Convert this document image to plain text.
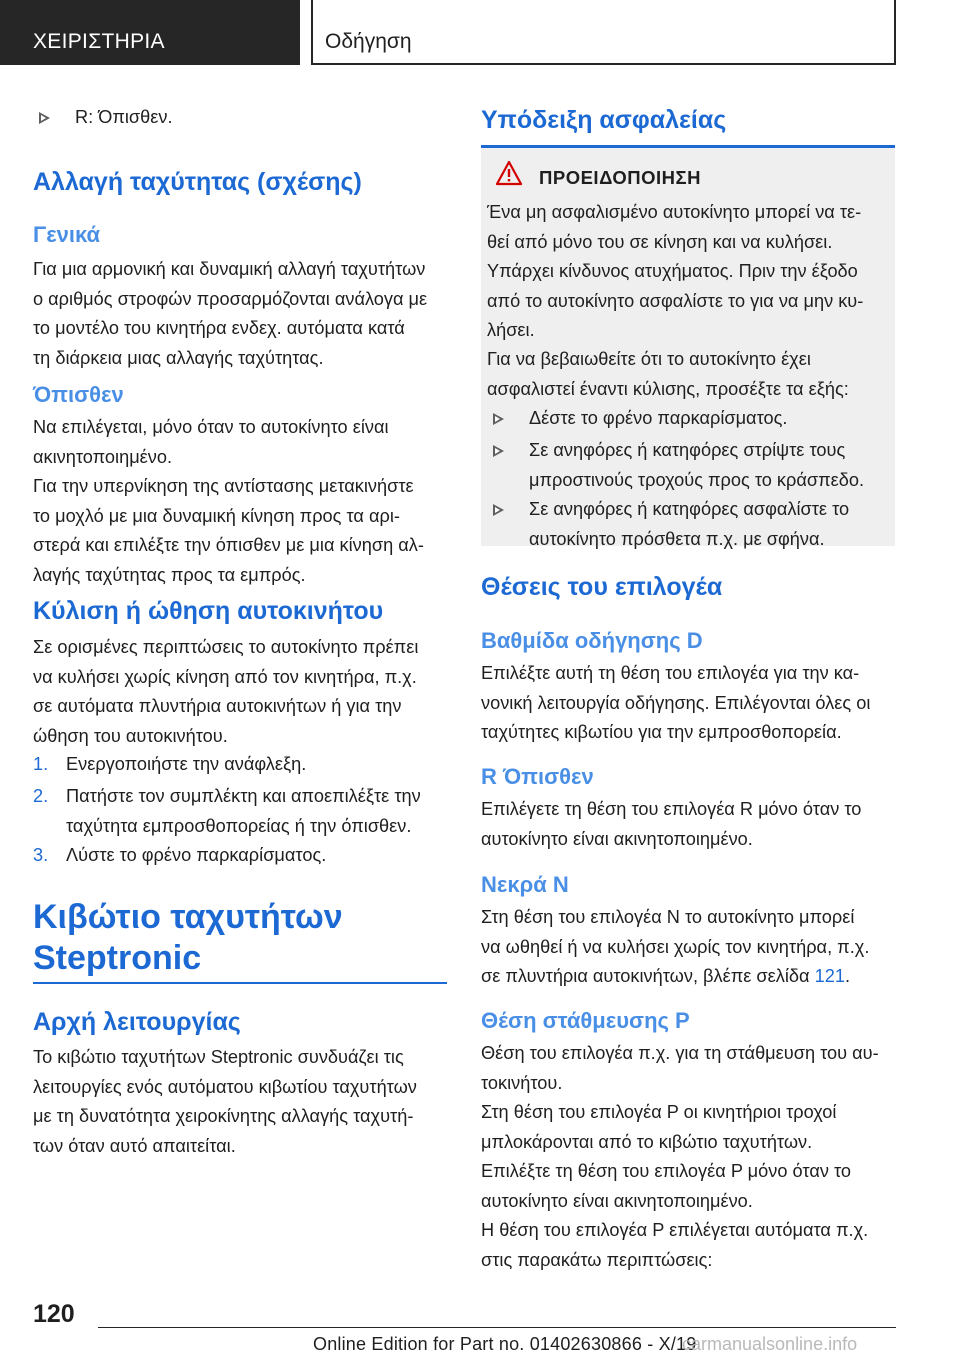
ΧΕΙΡΙΣΤΗΡΙΑ	Οδήγηση
R: Όπισθεν.
Αλλαγή ταχύτητας (σχέσης)
Γενικά

Για μια αρμονική και δυναμική αλλαγή ταχυτήτων
ο αριθμός στροφών προσαρμόζονται ανάλογα με
το μοντέλο του κινητήρα ενδεχ. αυτόματα κατά
τη διάρκεια μιας αλλαγής ταχύτητας.

Όπισθεν

Να επιλέγεται, μόνο όταν το αυτοκίνητο είναι
ακινητοποιημένο.

Για την υπερνίκηση της αντίστασης μετακινήστε
το μοχλό με μια δυναμική κίνηση προς τα αρι-
στερά και επιλέξτε την όπισθεν με μια κίνηση αλ-
λαγής ταχύτητας προς τα εμπρός.

Κύλιση ή ώθηση αυτοκινήτου

Σε ορισμένες περιπτώσεις το αυτοκίνητο πρέπει
να κυλήσει χωρίς κίνηση από τον κινητήρα, π.χ.
σε αυτόματα πλυντήρια αυτοκινήτων ή για την
ώθηση του αυτοκινήτου.

1. Ενεργοποιήστε την ανάφλεξη.
2. Πατήστε τον συμπλέκτη και αποεπιλέξτε την
ταχύτητα εμπροσθοπορείας ή την όπισθεν.
3. Λύστε το φρένο παρκαρίσματος.
Κιβώτιο ταχυτήτων
Steptronic
Αρχή λειτουργίας

Το κιβώτιο ταχυτήτων Steptronic συνδυάζει τις
λειτουργίες ενός αυτόματου κιβωτίου ταχυτήτων
με τη δυνατότητα χειροκίνητης αλλαγής ταχυτή-
των όταν αυτό απαιτείται.

Υπόδειξη ασφαλείας
ΠΡΟΕΙΔΟΠΟΙΗΣΗ

Ένα μη ασφαλισμένο αυτοκίνητο μπορεί να τε-
θεί από μόνο του σε κίνηση και να κυλήσει.
Υπάρχει κίνδυνος ατυχήματος. Πριν την έξοδο
από το αυτοκίνητο ασφαλίστε το για να μην κυ-
λήσει.

Για να βεβαιωθείτε ότι το αυτοκίνητο έχει
ασφαλιστεί έναντι κύλισης, προσέξτε τα εξής:

Δέστε το φρένο παρκαρίσματος.
Σε ανηφόρες ή κατηφόρες στρίψτε τους
μπροστινούς τροχούς προς το κράσπεδο.
Σε ανηφόρες ή κατηφόρες ασφαλίστε το
αυτοκίνητο πρόσθετα π.χ. με σφήνα.
Θέσεις του επιλογέα
Βαθμίδα οδήγησης D

Επιλέξτε αυτή τη θέση του επιλογέα για την κα-
νονική λειτουργία οδήγησης. Επιλέγονται όλες οι
ταχύτητες κιβωτίου για την εμπροσθοπορεία.

R Όπισθεν

Επιλέγετε τη θέση του επιλογέα R μόνο όταν το
αυτοκίνητο είναι ακινητοποιημένο.

Νεκρά N

Στη θέση του επιλογέα N το αυτοκίνητο μπορεί
να ωθηθεί ή να κυλήσει χωρίς τον κινητήρα, π.χ.
σε πλυντήρια αυτοκινήτων, βλέπε σελίδα 121.

Θέση στάθμευσης P

Θέση του επιλογέα π.χ. για τη στάθμευση του αυ-
τοκινήτου.

Στη θέση του επιλογέα P οι κινητήριοι τροχοί
μπλοκάρονται από το κιβώτιο ταχυτήτων.

Επιλέξτε τη θέση του επιλογέα P μόνο όταν το
αυτοκίνητο είναι ακινητοποιημένο.

Η θέση του επιλογέα P επιλέγεται αυτόματα π.χ.
στις παρακάτω περιπτώσεις:

120
Online Edition for Part no. 01402630866 - X/19
carmanualsonline.info
